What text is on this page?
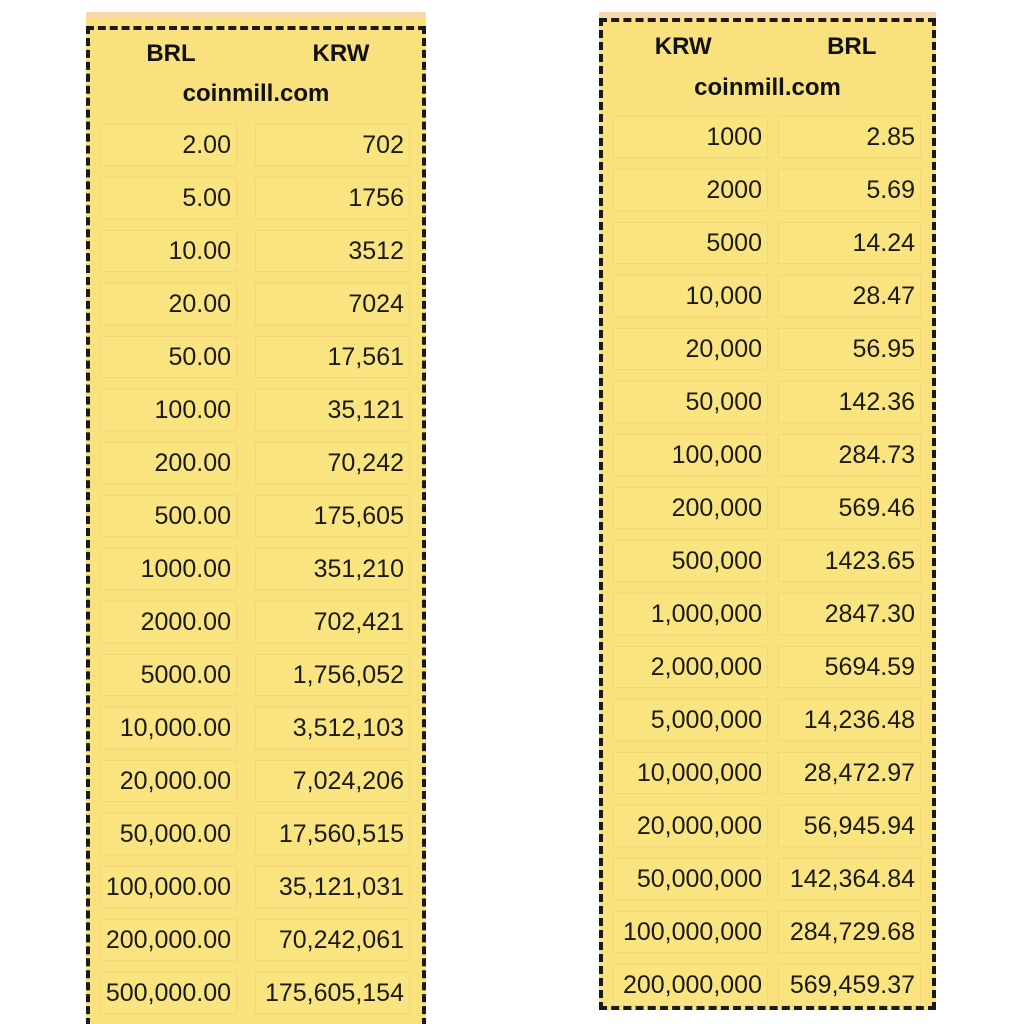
BRL	KRW
coinmill.com
2.00	702
5.00	1756
10.00	3512
20.00	7024
50.00	17,561
100.00	35,121
200.00	70,242
500.00	175,605
1000.00	351,210
2000.00	702,421
5000.00	1,756,052
10,000.00	3,512,103
20,000.00	7,024,206
50,000.00	17,560,515
100,000.00	35,121,031
200,000.00	70,242,061
500,000.00	175,605,154
KRW	BRL
coinmill.com
1000	2.85
2000	5.69
5000	14.24
10,000	28.47
20,000	56.95
50,000	142.36
100,000	284.73
200,000	569.46
500,000	1423.65
1,000,000	2847.30
2,000,000	5694.59
5,000,000	14,236.48
10,000,000	28,472.97
20,000,000	56,945.94
50,000,000	142,364.84
100,000,000	284,729.68
200,000,000	569,459.37
